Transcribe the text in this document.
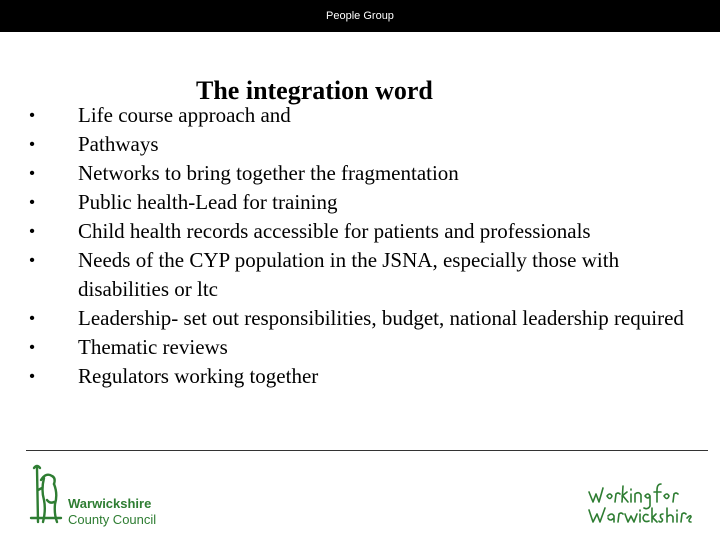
People Group
The integration word
•	Life course approach and
•	Pathways
•	Networks to bring together the fragmentation
•	Public health-Lead for training
•	Child health records accessible for patients and professionals
•	Needs of the CYP population in the JSNA, especially those with disabilities or ltc
•	Leadership- set out responsibilities, budget, national leadership required
•	Thematic reviews
•	Regulators working together
Warwickshire
County Council
